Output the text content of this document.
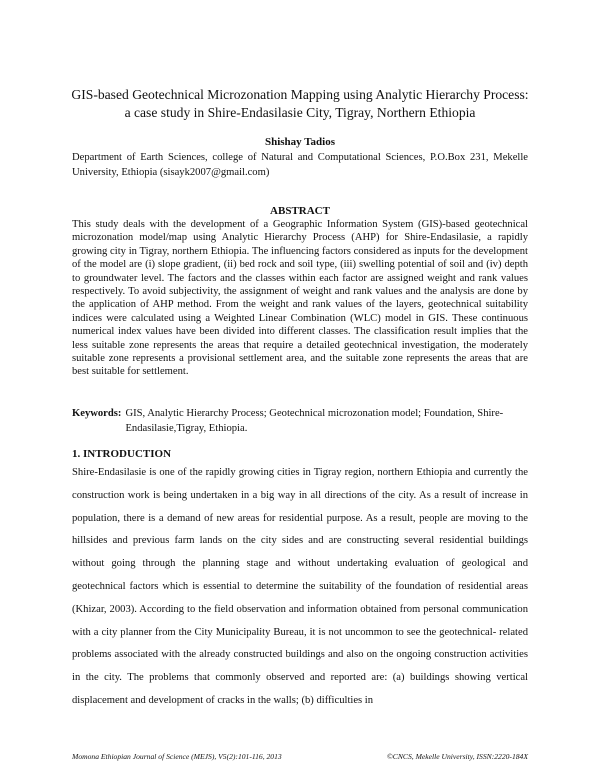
GIS-based Geotechnical Microzonation Mapping using Analytic Hierarchy Process: a case study in Shire-Endasilasie City, Tigray, Northern Ethiopia
Shishay Tadios
Department of Earth Sciences, college of Natural and Computational Sciences, P.O.Box 231, Mekelle University, Ethiopia (sisayk2007@gmail.com)
ABSTRACT
This study deals with the development of a Geographic Information System (GIS)-based geotechnical microzonation model/map using Analytic Hierarchy Process (AHP) for Shire-Endasilasie, a rapidly growing city in Tigray, northern Ethiopia. The influencing factors considered as inputs for the development of the model are (i) slope gradient, (ii) bed rock and soil type, (iii) swelling potential of soil and (iv) depth to groundwater level. The factors and the classes within each factor are assigned weight and rank values respectively. To avoid subjectivity, the assignment of weight and rank values and the analysis are done by the application of AHP method. From the weight and rank values of the layers, geotechnical suitability indices were calculated using a Weighted Linear Combination (WLC) model in GIS. These continuous numerical index values have been divided into different classes. The classification result implies that the less suitable zone represents the areas that require a detailed geotechnical investigation, the moderately suitable zone represents a provisional settlement area, and the suitable zone represents the areas that are best suitable for settlement.
Keywords: GIS, Analytic Hierarchy Process; Geotechnical microzonation model; Foundation, Shire-Endasilasie,Tigray, Ethiopia.
1. INTRODUCTION
Shire-Endasilasie is one of the rapidly growing cities in Tigray region, northern Ethiopia and currently the construction work is being undertaken in a big way in all directions of the city. As a result of increase in population, there is a demand of new areas for residential purpose. As a result, people are moving to the hillsides and previous farm lands on the city sides and are constructing several residential buildings without going through the planning stage and without undertaking evaluation of geological and geotechnical factors which is essential to determine the suitability of the foundation of residential areas (Khizar, 2003). According to the field observation and information obtained from personal communication with a city planner from the City Municipality Bureau, it is not uncommon to see the geotechnical- related problems associated with the already constructed buildings and also on the ongoing construction activities in the city. The problems that commonly observed and reported are: (a) buildings showing vertical displacement and development of cracks in the walls; (b) difficulties in
Momona Ethiopian Journal of Science (MEJS), V5(2):101-116, 2013	©CNCS, Mekelle University, ISSN:2220-184X
